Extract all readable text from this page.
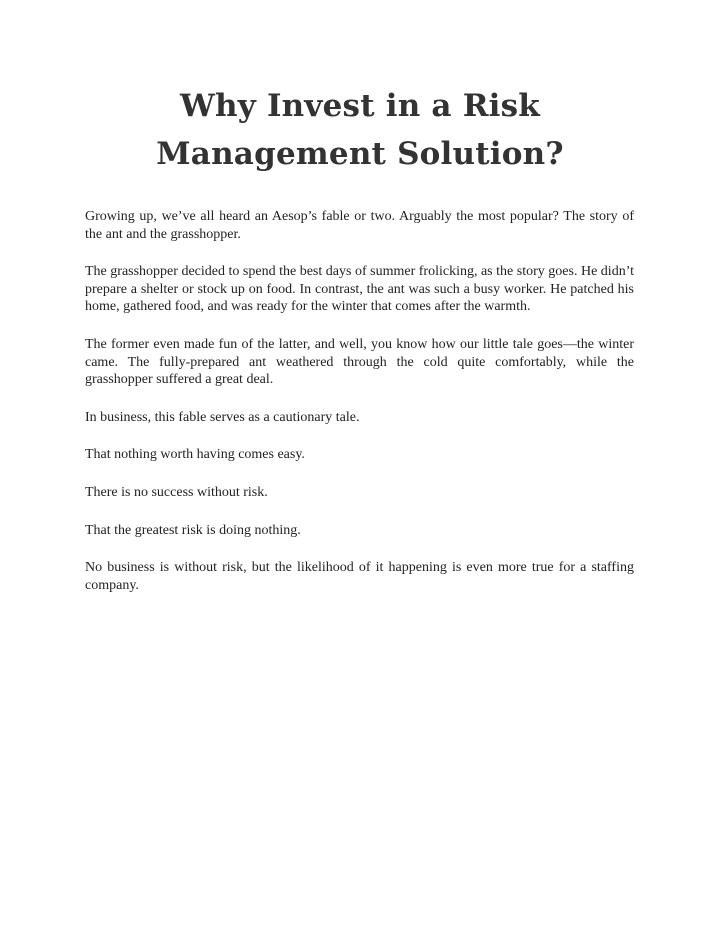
Why Invest in a Risk
Management Solution?

Growing up, we’ve all heard an Aesop’s fable or two. Arguably the most popular? The story of the ant and the grasshopper.

The grasshopper decided to spend the best days of summer frolicking, as the story goes. He didn’t prepare a shelter or stock up on food. In contrast, the ant was such a busy worker. He patched his home, gathered food, and was ready for the winter that comes after the warmth.

The former even made fun of the latter, and well, you know how our little tale goes—the winter came. The fully-prepared ant weathered through the cold quite comfortably, while the grasshopper suffered a great deal.

In business, this fable serves as a cautionary tale.

That nothing worth having comes easy.

There is no success without risk.

That the greatest risk is doing nothing.

No business is without risk, but the likelihood of it happening is even more true for a staffing company.
